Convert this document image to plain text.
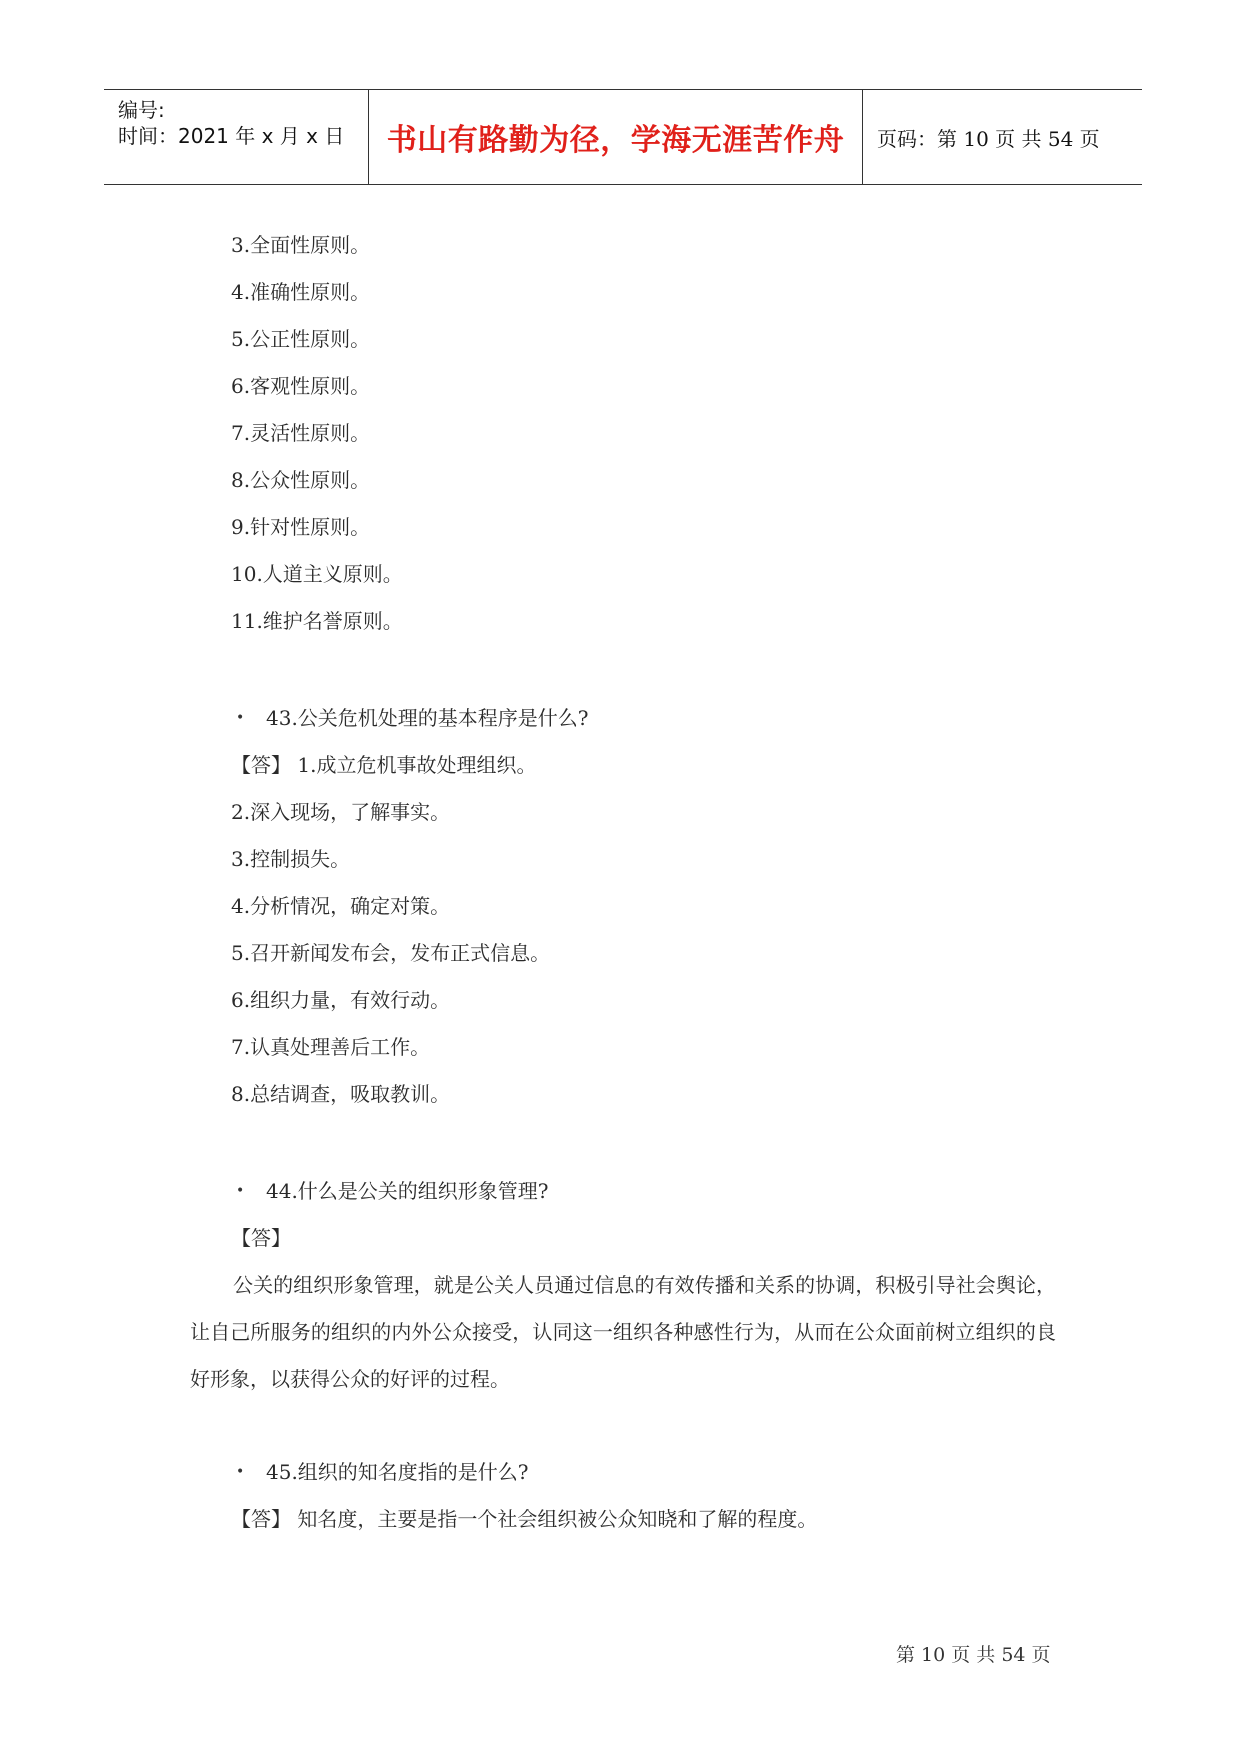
编号:
时间：2021 年 x 月 x 日	书山有路勤为径，学海无涯苦作舟	页码：第 10 页 共 54 页
3.全面性原则。
4.准确性原则。
5.公正性原则。
6.客观性原则。
7.灵活性原则。
8.公众性原则。
9.针对性原则。
10.人道主义原则。
11.维护名誉原则。
• 43.公关危机处理的基本程序是什么?
【答】 1.成立危机事故处理组织。
2.深入现场，了解事实。
3.控制损失。
4.分析情况，确定对策。
5.召开新闻发布会，发布正式信息。
6.组织力量，有效行动。
7.认真处理善后工作。
8.总结调查，吸取教训。
• 44.什么是公关的组织形象管理?
【答】
公关的组织形象管理，就是公关人员通过信息的有效传播和关系的协调，积极引导社会舆论，让自己所服务的组织的内外公众接受，认同这一组织各种感性行为，从而在公众面前树立组织的良好形象，以获得公众的好评的过程。
• 45.组织的知名度指的是什么?
【答】 知名度，主要是指一个社会组织被公众知晓和了解的程度。
第 10 页 共 54 页
